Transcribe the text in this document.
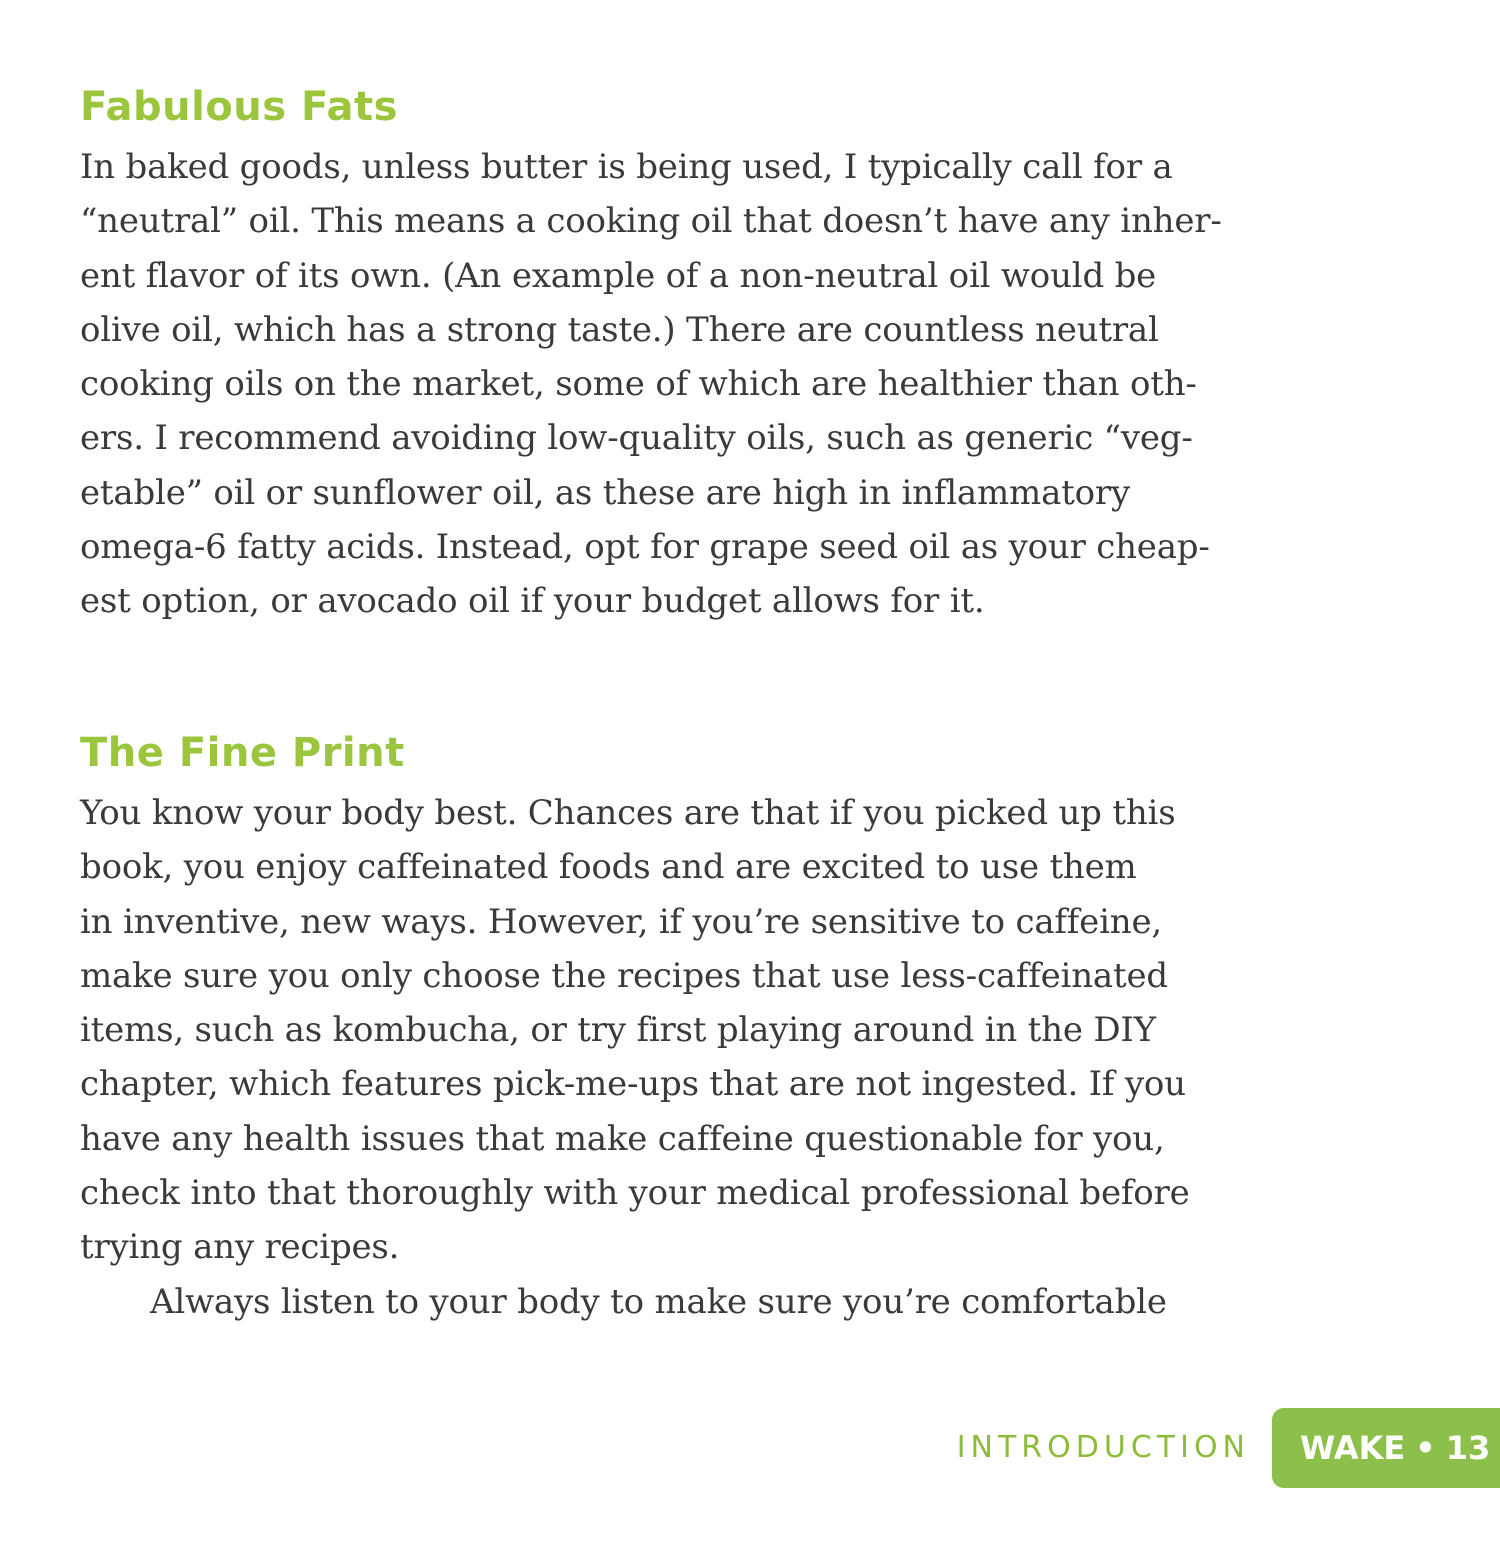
Fabulous Fats
In baked goods, unless butter is being used, I typically call for a
“neutral” oil. This means a cooking oil that doesn’t have any inher-
ent flavor of its own. (An example of a non-neutral oil would be
olive oil, which has a strong taste.) There are countless neutral
cooking oils on the market, some of which are healthier than oth-
ers. I recommend avoiding low-quality oils, such as generic “veg-
etable” oil or sunflower oil, as these are high in inflammatory
omega-6 fatty acids. Instead, opt for grape seed oil as your cheap-
est option, or avocado oil if your budget allows for it.
The Fine Print
You know your body best. Chances are that if you picked up this
book, you enjoy caffeinated foods and are excited to use them
in inventive, new ways. However, if you’re sensitive to caffeine,
make sure you only choose the recipes that use less-caffeinated
items, such as kombucha, or try first playing around in the DIY
chapter, which features pick-me-ups that are not ingested. If you
have any health issues that make caffeine questionable for you,
check into that thoroughly with your medical professional before
trying any recipes.
Always listen to your body to make sure you’re comfortable
INTRODUCTION WAKE • 13
